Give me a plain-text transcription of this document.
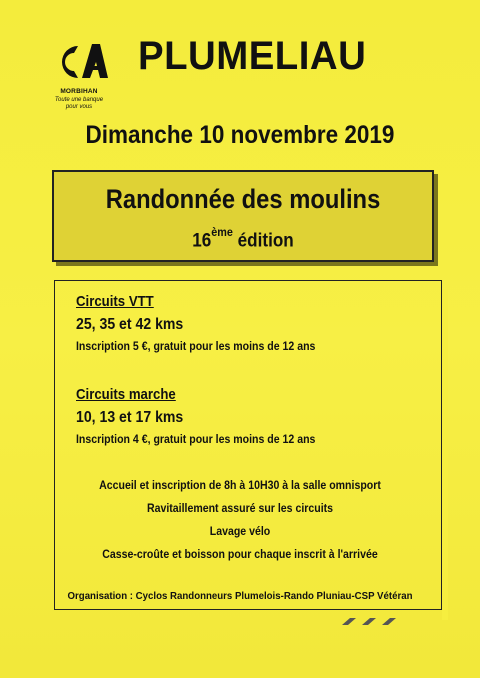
MORBIHAN
Toute une banque
pour vous
PLUMELIAU
Dimanche 10 novembre 2019
Randonnée des moulins
16ème édition
Circuits VTT
25, 35 et 42 kms
Inscription 5 €, gratuit pour les moins de 12 ans
Circuits marche
10, 13 et 17 kms
Inscription 4 €, gratuit pour les moins de 12 ans
Accueil et inscription de 8h à 10H30 à la salle omnisport
Ravitaillement assuré sur les circuits
Lavage vélo
Casse-croûte et boisson pour chaque inscrit à l'arrivée
Organisation : Cyclos Randonneurs Plumelois-Rando Pluniau-CSP Vétéran
